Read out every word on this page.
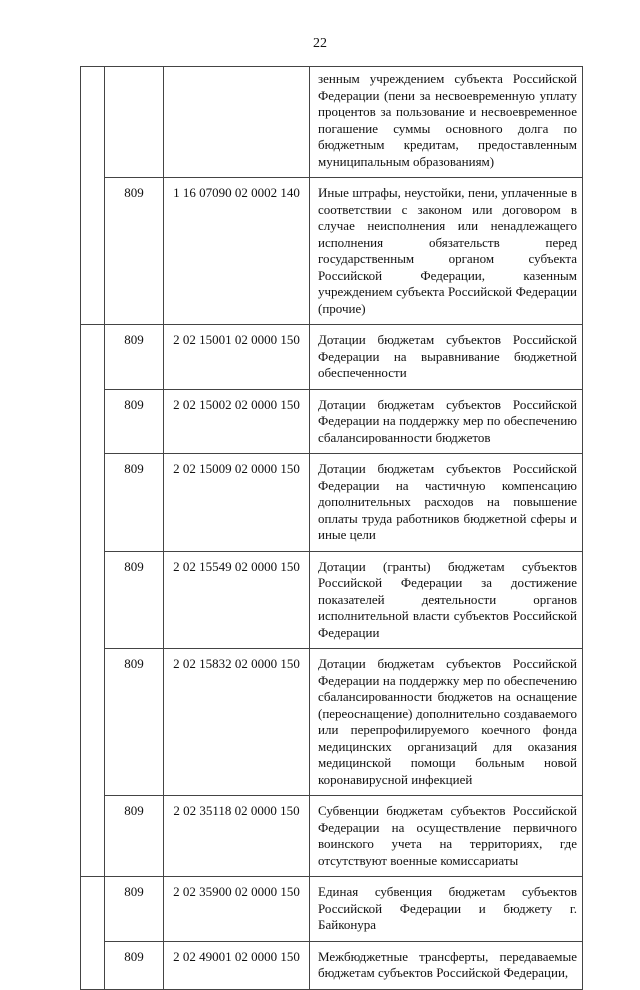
22
			зенным учреждением субъекта Российской Федерации (пени за несвоевременную уплату процентов за пользование и несвоевременное погашение суммы основного долга по бюджетным кредитам, предоставленным муниципальным образованиям)
	809	1 16 07090 02 0002 140	Иные штрафы, неустойки, пени, уплаченные в соответствии с законом или договором в случае неисполнения или ненадлежащего исполнения обязательств перед государственным органом субъекта Российской Федерации, казенным учреждением субъекта Российской Федерации (прочие)
	809	2 02 15001 02 0000 150	Дотации бюджетам субъектов Российской Федерации на выравнивание бюджетной обеспеченности
	809	2 02 15002 02 0000 150	Дотации бюджетам субъектов Российской Федерации на поддержку мер по обеспечению сбалансированности бюджетов
	809	2 02 15009 02 0000 150	Дотации бюджетам субъектов Российской Федерации на частичную компенсацию дополнительных расходов на повышение оплаты труда работников бюджетной сферы и иные цели
	809	2 02 15549 02 0000 150	Дотации (гранты) бюджетам субъектов Российской Федерации за достижение показателей деятельности органов исполнительной власти субъектов Российской Федерации
	809	2 02 15832 02 0000 150	Дотации бюджетам субъектов Российской Федерации на поддержку мер по обеспечению сбалансированности бюджетов на оснащение (переоснащение) дополнительно создаваемого или перепрофилируемого коечного фонда медицинских организаций для оказания медицинской помощи больным новой коронавирусной инфекцией
	809	2 02 35118 02 0000 150	Субвенции бюджетам субъектов Российской Федерации на осуществление первичного воинского учета на территориях, где отсутствуют военные комиссариаты
	809	2 02 35900 02 0000 150	Единая субвенция бюджетам субъектов Российской Федерации и бюджету г. Байконура
	809	2 02 49001 02 0000 150	Межбюджетные трансферты, передаваемые бюджетам субъектов Российской Федерации,
